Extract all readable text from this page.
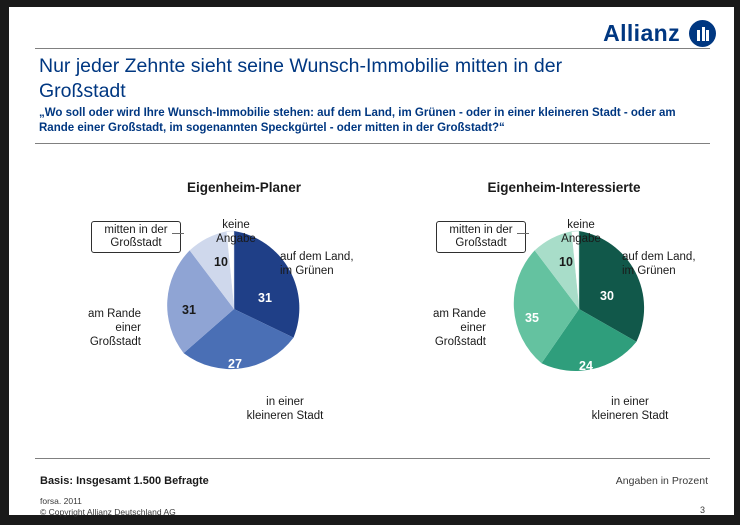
Allianz
Nur jeder Zehnte sieht seine Wunsch-Immobilie mitten in der Großstadt
„Wo soll oder wird Ihre Wunsch-Immobilie stehen: auf dem Land, im Grünen - oder in einer kleineren Stadt - oder am Rande einer Großstadt, im sogenannten Speckgürtel - oder mitten in der Großstadt?“
Eigenheim-Planer
31
27
31
10
mitten in der
Großstadt
keine
Angabe
auf dem Land,
im Grünen
in einer
kleineren Stadt
am Rande
einer
Großstadt
Eigenheim-Interessierte
30
24
35
10
mitten in der
Großstadt
keine
Angabe
auf dem Land,
im Grünen
in einer
kleineren Stadt
am Rande
einer
Großstadt
Basis: Insgesamt 1.500 Befragte	Angaben in Prozent
forsa. 2011
© Copyright Allianz Deutschland AG	3
